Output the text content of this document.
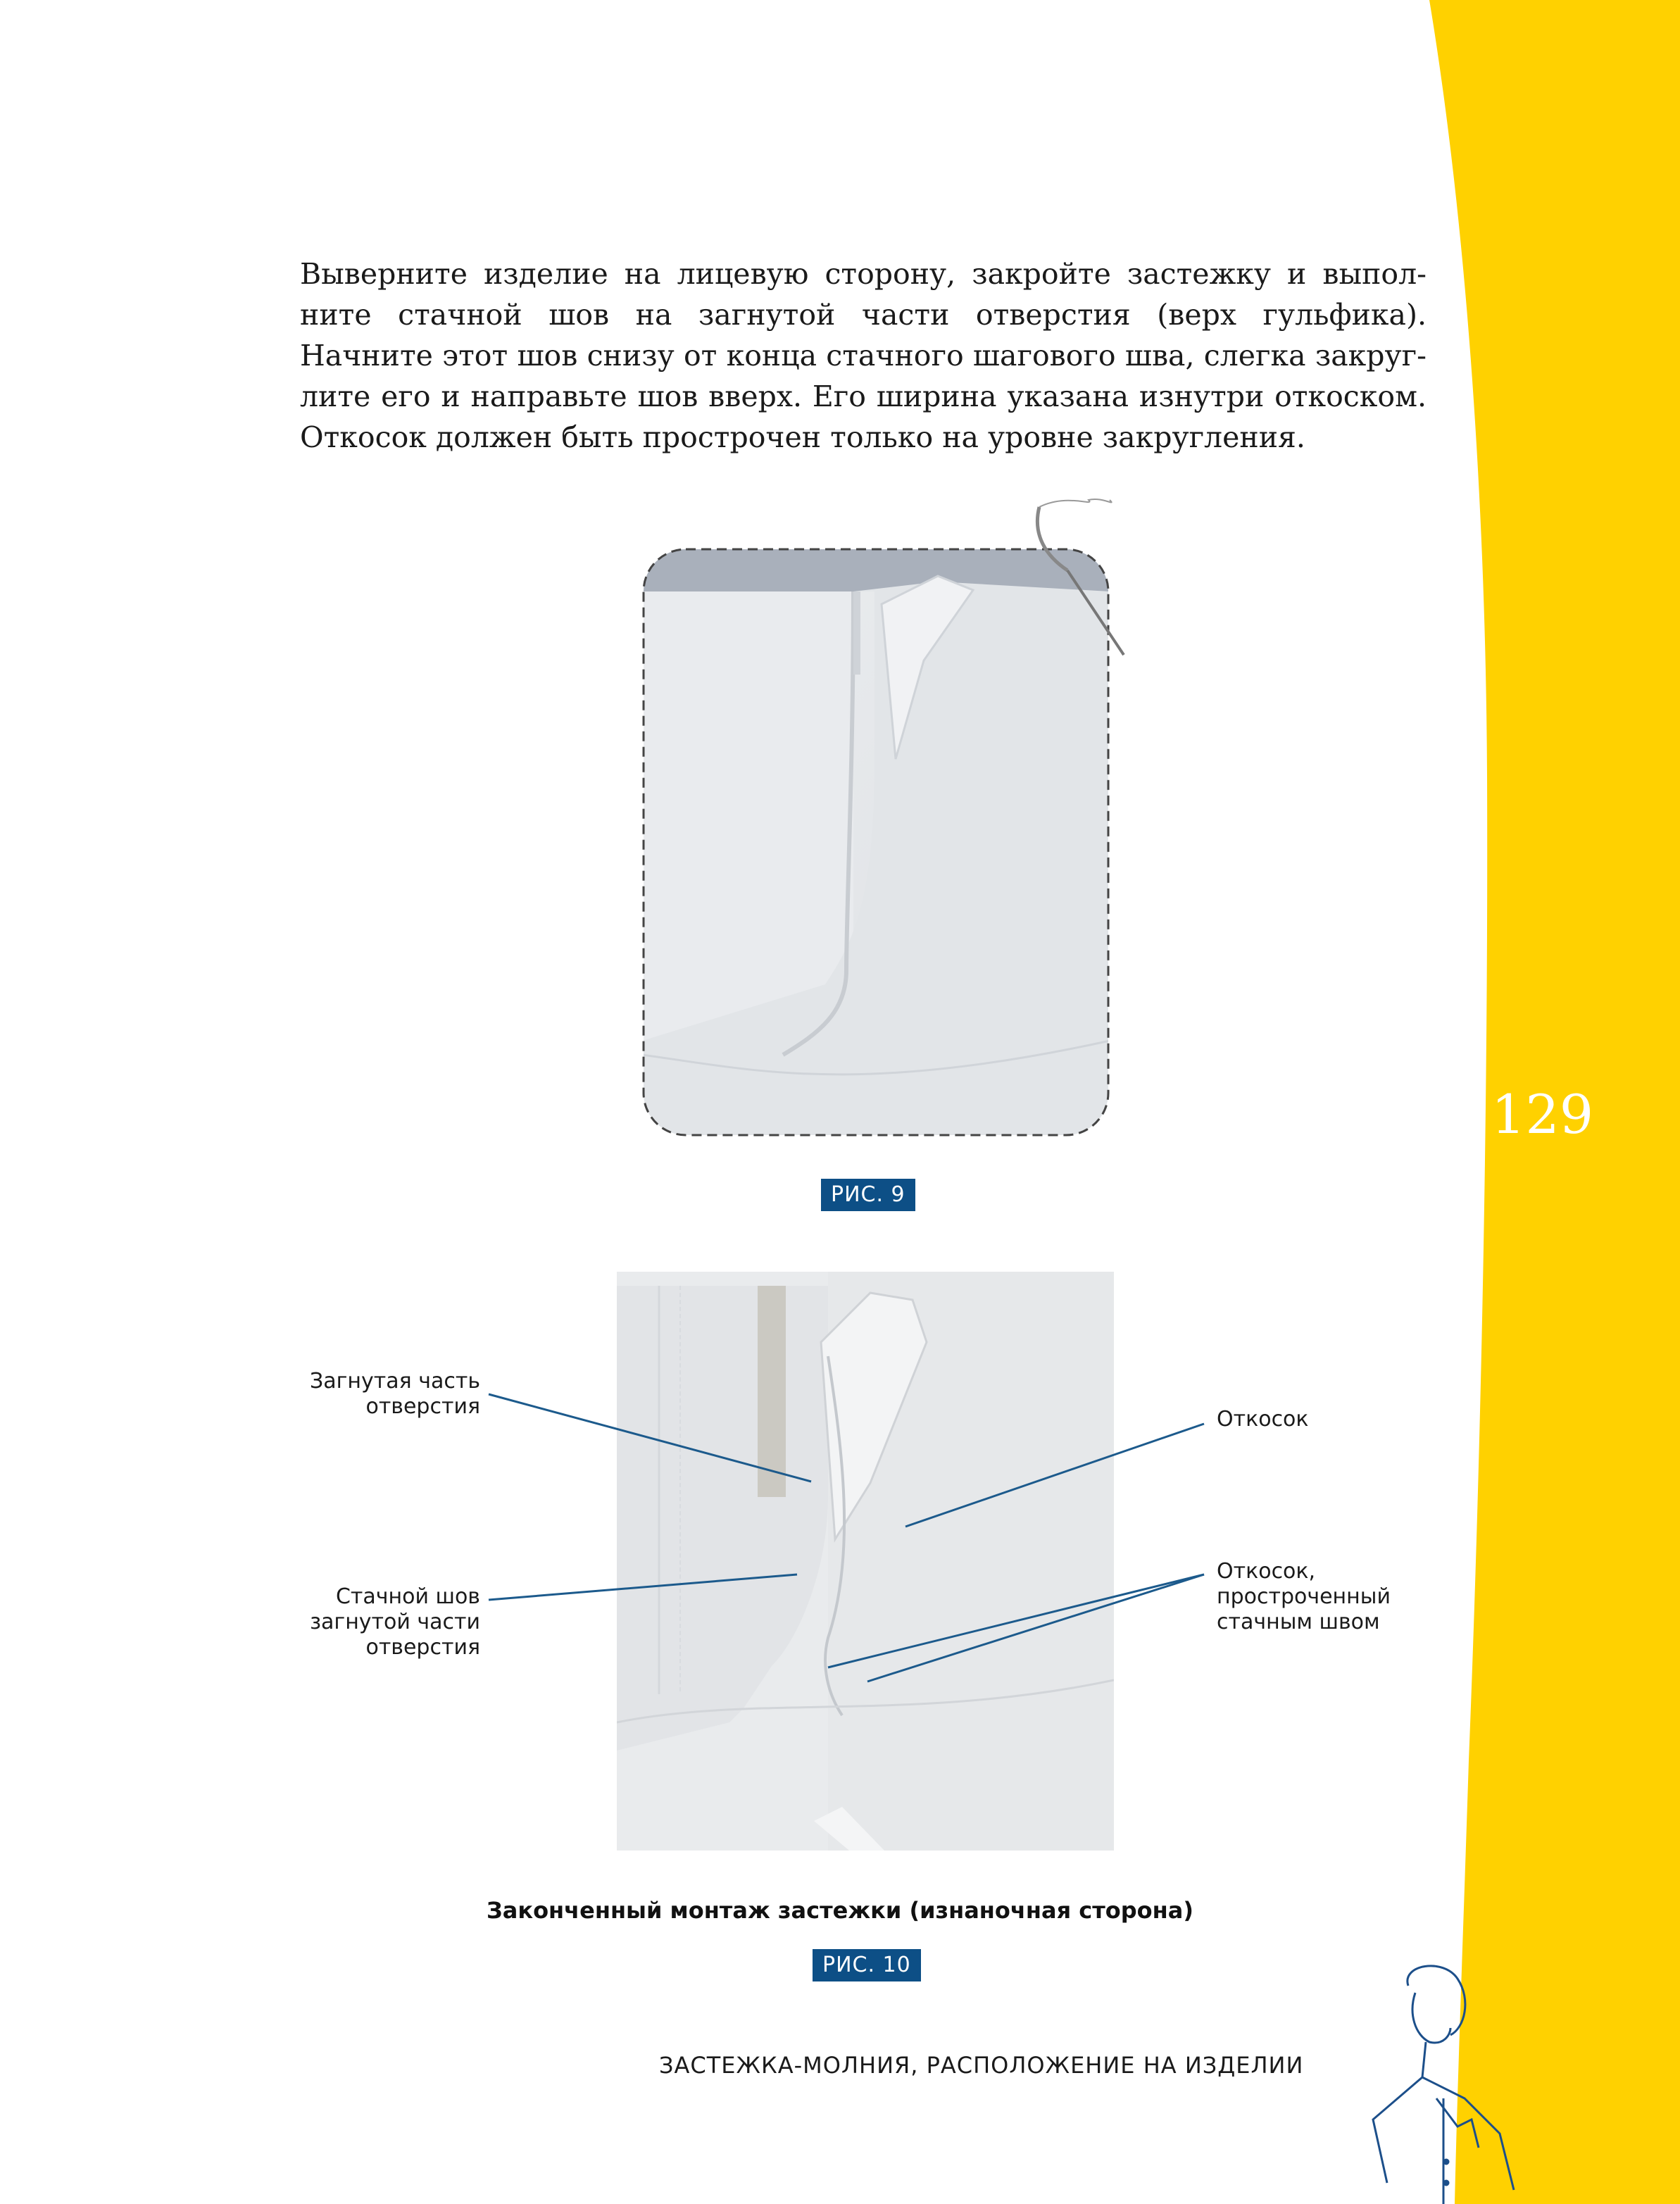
Выверните изделие на лицевую сторону, закройте застежку и выпол-
ните стачной шов на загнутой части отверстия (верх гульфика).
Начните этот шов снизу от конца стачного шагового шва, слегка закруг-
лите его и направьте шов вверх. Его ширина указана изнутри откоском.
Откосок должен быть прострочен только на уровне закругления.
129
РИС. 9
Загнутая часть
отверстия
Стачной шов
загнутой части
отверстия
Откосок
Откосок,
простроченный
стачным швом
Законченный монтаж застежки (изнаночная сторона)
РИС. 10
ЗАСТЕЖКА-МОЛНИЯ, РАСПОЛОЖЕНИЕ НА ИЗДЕЛИИ
